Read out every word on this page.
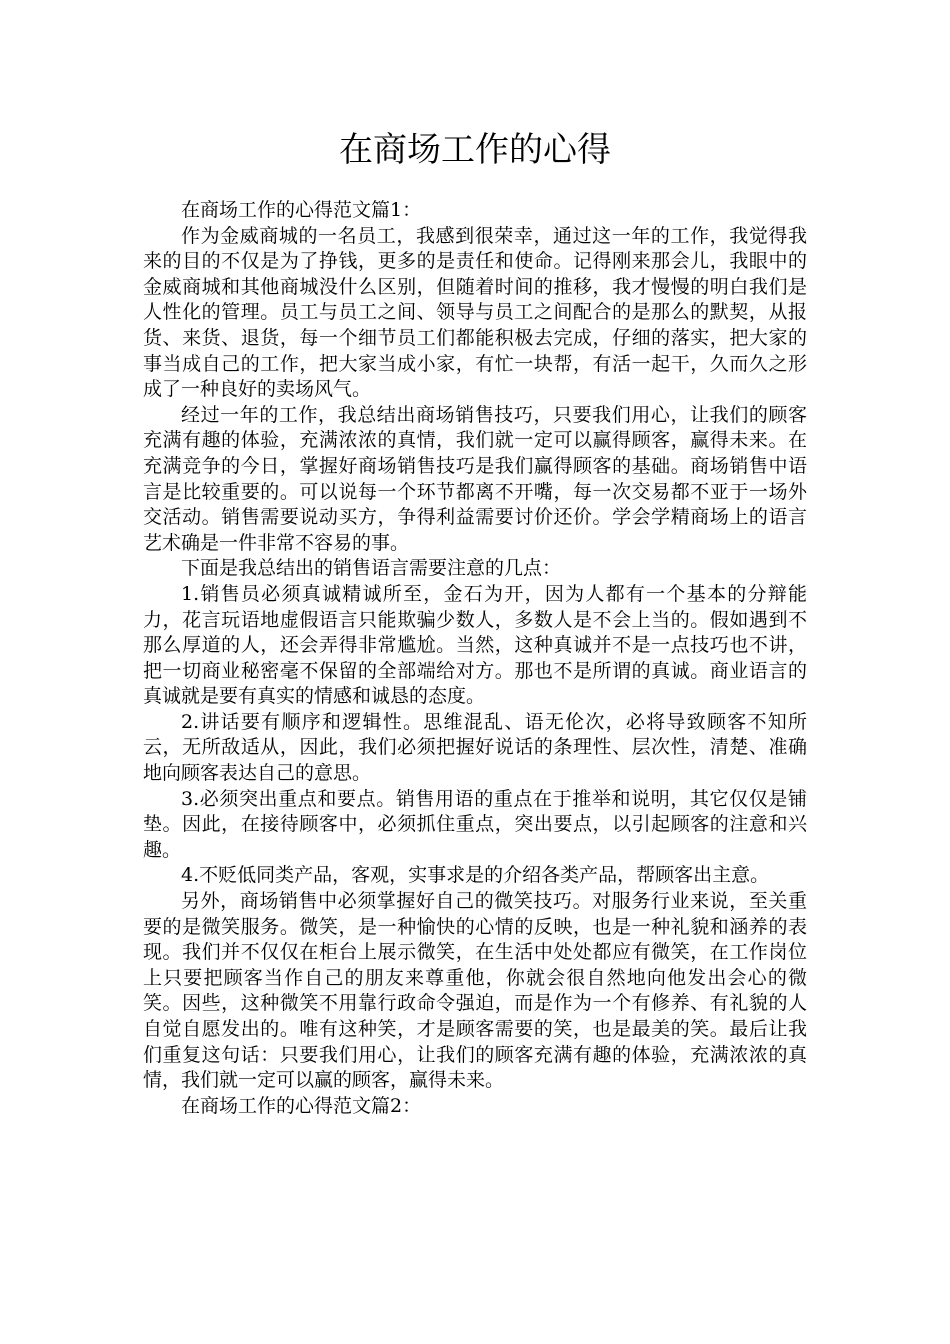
在商场工作的心得

在商场工作的心得范文篇1：

作为金威商城的一名员工，我感到很荣幸，通过这一年的工作，我觉得我来的目的不仅是为了挣钱，更多的是责任和使命。记得刚来那会儿，我眼中的金威商城和其他商城没什么区别，但随着时间的推移，我才慢慢的明白我们是人性化的管理。员工与员工之间、领导与员工之间配合的是那么的默契，从报货、来货、退货，每一个细节员工们都能积极去完成，仔细的落实，把大家的事当成自己的工作，把大家当成小家，有忙一块帮，有活一起干，久而久之形成了一种良好的卖场风气。

经过一年的工作，我总结出商场销售技巧，只要我们用心，让我们的顾客充满有趣的体验，充满浓浓的真情，我们就一定可以赢得顾客，赢得未来。在充满竞争的今日，掌握好商场销售技巧是我们赢得顾客的基础。商场销售中语言是比较重要的。可以说每一个环节都离不开嘴，每一次交易都不亚于一场外交活动。销售需要说动买方，争得利益需要讨价还价。学会学精商场上的语言艺术确是一件非常不容易的事。

下面是我总结出的销售语言需要注意的几点：

1.销售员必须真诚精诚所至，金石为开，因为人都有一个基本的分辩能力，花言玩语地虚假语言只能欺骗少数人，多数人是不会上当的。假如遇到不那么厚道的人，还会弄得非常尴尬。当然，这种真诚并不是一点技巧也不讲，把一切商业秘密毫不保留的全部端给对方。那也不是所谓的真诚。商业语言的真诚就是要有真实的情感和诚恳的态度。

2.讲话要有顺序和逻辑性。思维混乱、语无伦次，必将导致顾客不知所云，无所敌适从，因此，我们必须把握好说话的条理性、层次性，清楚、准确地向顾客表达自己的意思。

3.必须突出重点和要点。销售用语的重点在于推举和说明，其它仅仅是铺垫。因此，在接待顾客中，必须抓住重点，突出要点，以引起顾客的注意和兴趣。

4.不贬低同类产品，客观，实事求是的介绍各类产品，帮顾客出主意。

另外，商场销售中必须掌握好自己的微笑技巧。对服务行业来说，至关重要的是微笑服务。微笑，是一种愉快的心情的反映，也是一种礼貌和涵养的表现。我们并不仅仅在柜台上展示微笑，在生活中处处都应有微笑，在工作岗位上只要把顾客当作自己的朋友来尊重他，你就会很自然地向他发出会心的微笑。因些，这种微笑不用靠行政命令强迫，而是作为一个有修养、有礼貌的人自觉自愿发出的。唯有这种笑，才是顾客需要的笑，也是最美的笑。最后让我们重复这句话：只要我们用心，让我们的顾客充满有趣的体验，充满浓浓的真情，我们就一定可以赢的顾客，赢得未来。

在商场工作的心得范文篇2：
